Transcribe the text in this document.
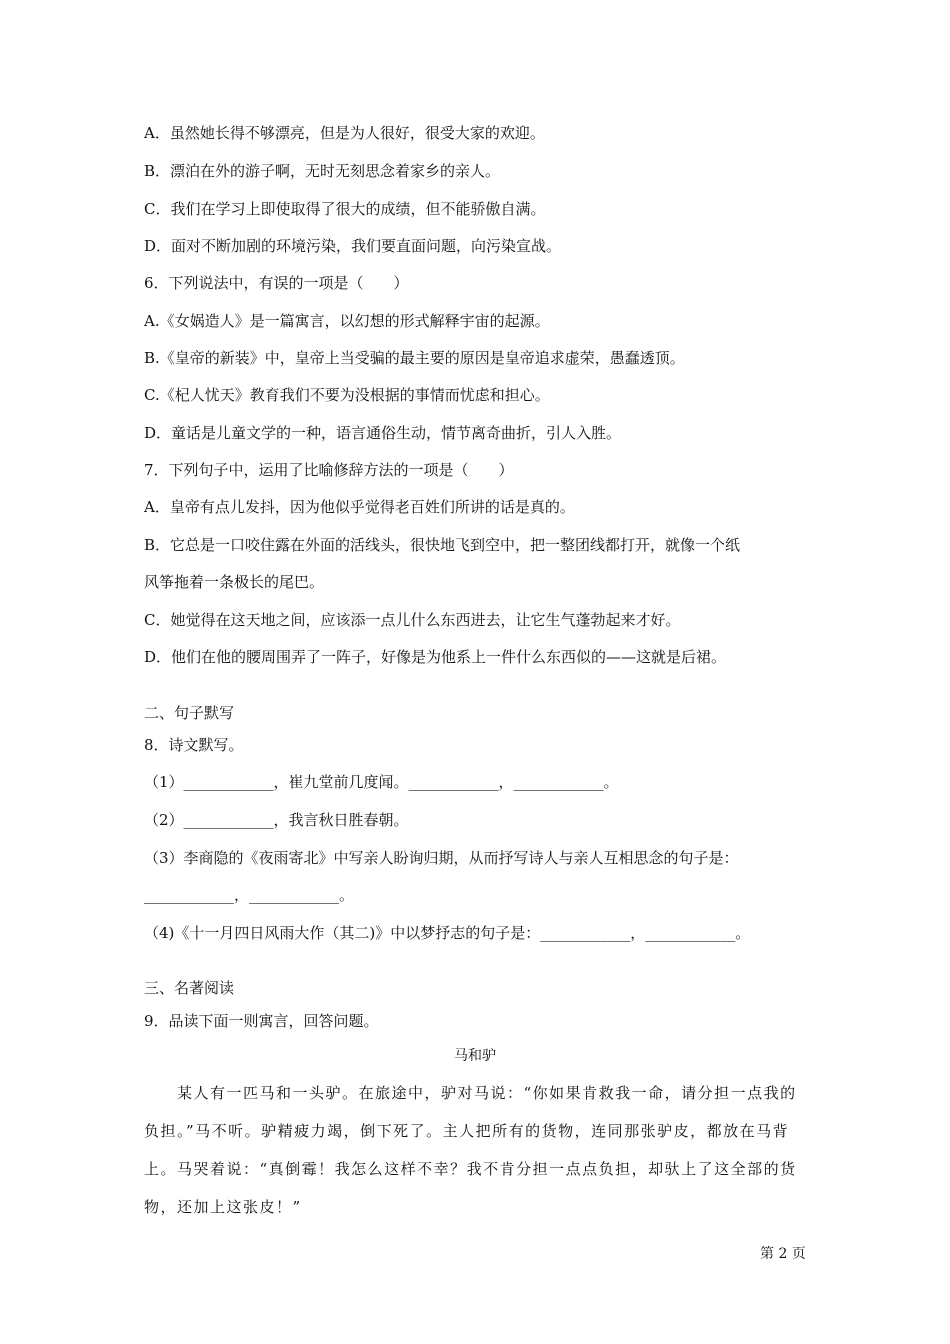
A．虽然她长得不够漂亮，但是为人很好，很受大家的欢迎。
B．漂泊在外的游子啊，无时无刻思念着家乡的亲人。
C．我们在学习上即使取得了很大的成绩，但不能骄傲自满。
D．面对不断加剧的环境污染，我们要直面问题，向污染宣战。
6．下列说法中，有误的一项是（　　）
A.《女娲造人》是一篇寓言，以幻想的形式解释宇宙的起源。
B.《皇帝的新装》中，皇帝上当受骗的最主要的原因是皇帝追求虚荣，愚蠢透顶。
C.《杞人忧天》教育我们不要为没根据的事情而忧虑和担心。
D．童话是儿童文学的一种，语言通俗生动，情节离奇曲折，引人入胜。
7．下列句子中，运用了比喻修辞方法的一项是（　　）
A．皇帝有点儿发抖，因为他似乎觉得老百姓们所讲的话是真的。
B．它总是一口咬住露在外面的活线头，很快地飞到空中，把一整团线都打开，就像一个纸
风筝拖着一条极长的尾巴。
C．她觉得在这天地之间，应该添一点儿什么东西进去，让它生气蓬勃起来才好。
D．他们在他的腰周围弄了一阵子，好像是为他系上一件什么东西似的——这就是后裙。
二、句子默写
8．诗文默写。
（1）____________，崔九堂前几度闻。____________，____________。
（2）____________，我言秋日胜春朝。
（3）李商隐的《夜雨寄北》中写亲人盼询归期，从而抒写诗人与亲人互相思念的句子是：
____________，____________。
（4)《十一月四日风雨大作（其二)》中以梦抒志的句子是：____________，____________。
三、名著阅读
9．品读下面一则寓言，回答问题。
马和驴
　　某人有一匹马和一头驴。在旅途中，驴对马说：“你如果肯救我一命，请分担一点我的
负担。”马不听。驴精疲力竭，倒下死了。主人把所有的货物，连同那张驴皮，都放在马背
上。马哭着说：“真倒霉！我怎么这样不幸？我不肯分担一点点负担，却驮上了这全部的货
物，还加上这张皮！”
第 2 页
